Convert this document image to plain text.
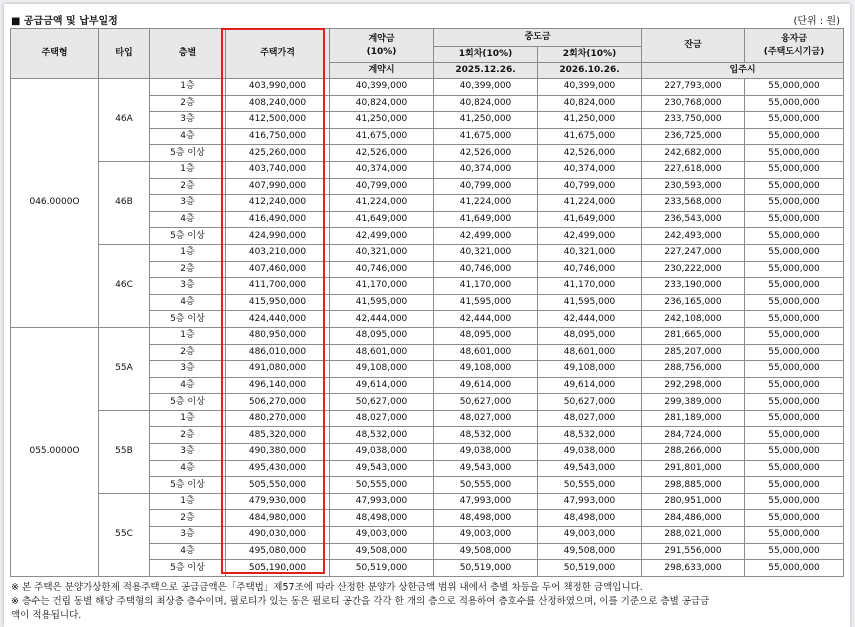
■ 공급금액 및 납부일정	(단위 : 원)
주택형	타입	층별	주택가격	계약금
(10%)	중도금		잔금	융자금
(주택도시기금)
					1회차(10%)	2회차(10%)		
				계약시	2025.12.26.	2026.10.26.	입주시	
046.0000O	46A	1층	403,990,000	40,399,000	40,399,000	40,399,000	227,793,000	55,000,000
		2층	408,240,000	40,824,000	40,824,000	40,824,000	230,768,000	55,000,000
		3층	412,500,000	41,250,000	41,250,000	41,250,000	233,750,000	55,000,000
		4층	416,750,000	41,675,000	41,675,000	41,675,000	236,725,000	55,000,000
		5층 이상	425,260,000	42,526,000	42,526,000	42,526,000	242,682,000	55,000,000
	46B	1층	403,740,000	40,374,000	40,374,000	40,374,000	227,618,000	55,000,000
		2층	407,990,000	40,799,000	40,799,000	40,799,000	230,593,000	55,000,000
		3층	412,240,000	41,224,000	41,224,000	41,224,000	233,568,000	55,000,000
		4층	416,490,000	41,649,000	41,649,000	41,649,000	236,543,000	55,000,000
		5층 이상	424,990,000	42,499,000	42,499,000	42,499,000	242,493,000	55,000,000
	46C	1층	403,210,000	40,321,000	40,321,000	40,321,000	227,247,000	55,000,000
		2층	407,460,000	40,746,000	40,746,000	40,746,000	230,222,000	55,000,000
		3층	411,700,000	41,170,000	41,170,000	41,170,000	233,190,000	55,000,000
		4층	415,950,000	41,595,000	41,595,000	41,595,000	236,165,000	55,000,000
		5층 이상	424,440,000	42,444,000	42,444,000	42,444,000	242,108,000	55,000,000
055.0000O	55A	1층	480,950,000	48,095,000	48,095,000	48,095,000	281,665,000	55,000,000
		2층	486,010,000	48,601,000	48,601,000	48,601,000	285,207,000	55,000,000
		3층	491,080,000	49,108,000	49,108,000	49,108,000	288,756,000	55,000,000
		4층	496,140,000	49,614,000	49,614,000	49,614,000	292,298,000	55,000,000
		5층 이상	506,270,000	50,627,000	50,627,000	50,627,000	299,389,000	55,000,000
	55B	1층	480,270,000	48,027,000	48,027,000	48,027,000	281,189,000	55,000,000
		2층	485,320,000	48,532,000	48,532,000	48,532,000	284,724,000	55,000,000
		3층	490,380,000	49,038,000	49,038,000	49,038,000	288,266,000	55,000,000
		4층	495,430,000	49,543,000	49,543,000	49,543,000	291,801,000	55,000,000
		5층 이상	505,550,000	50,555,000	50,555,000	50,555,000	298,885,000	55,000,000
	55C	1층	479,930,000	47,993,000	47,993,000	47,993,000	280,951,000	55,000,000
		2층	484,980,000	48,498,000	48,498,000	48,498,000	284,486,000	55,000,000
		3층	490,030,000	49,003,000	49,003,000	49,003,000	288,021,000	55,000,000
		4층	495,080,000	49,508,000	49,508,000	49,508,000	291,556,000	55,000,000
		5층 이상	505,190,000	50,519,000	50,519,000	50,519,000	298,633,000	55,000,000
※ 본 주택은 분양가상한제 적용주택으로 공급금액은「주택법」제57조에 따라 산정한 분양가 상한금액 범위 내에서 층별 차등을 두어 책정한 금액입니다.
※ 층수는 건립 동별 해당 주택형의 최상층 층수이며, 필로티가 있는 동은 필로티 공간을 각각 한 개의 층으로 적용하여 층호수를 산정하였으며, 이를 기준으로 층별 공급금
액이 적용됩니다.
